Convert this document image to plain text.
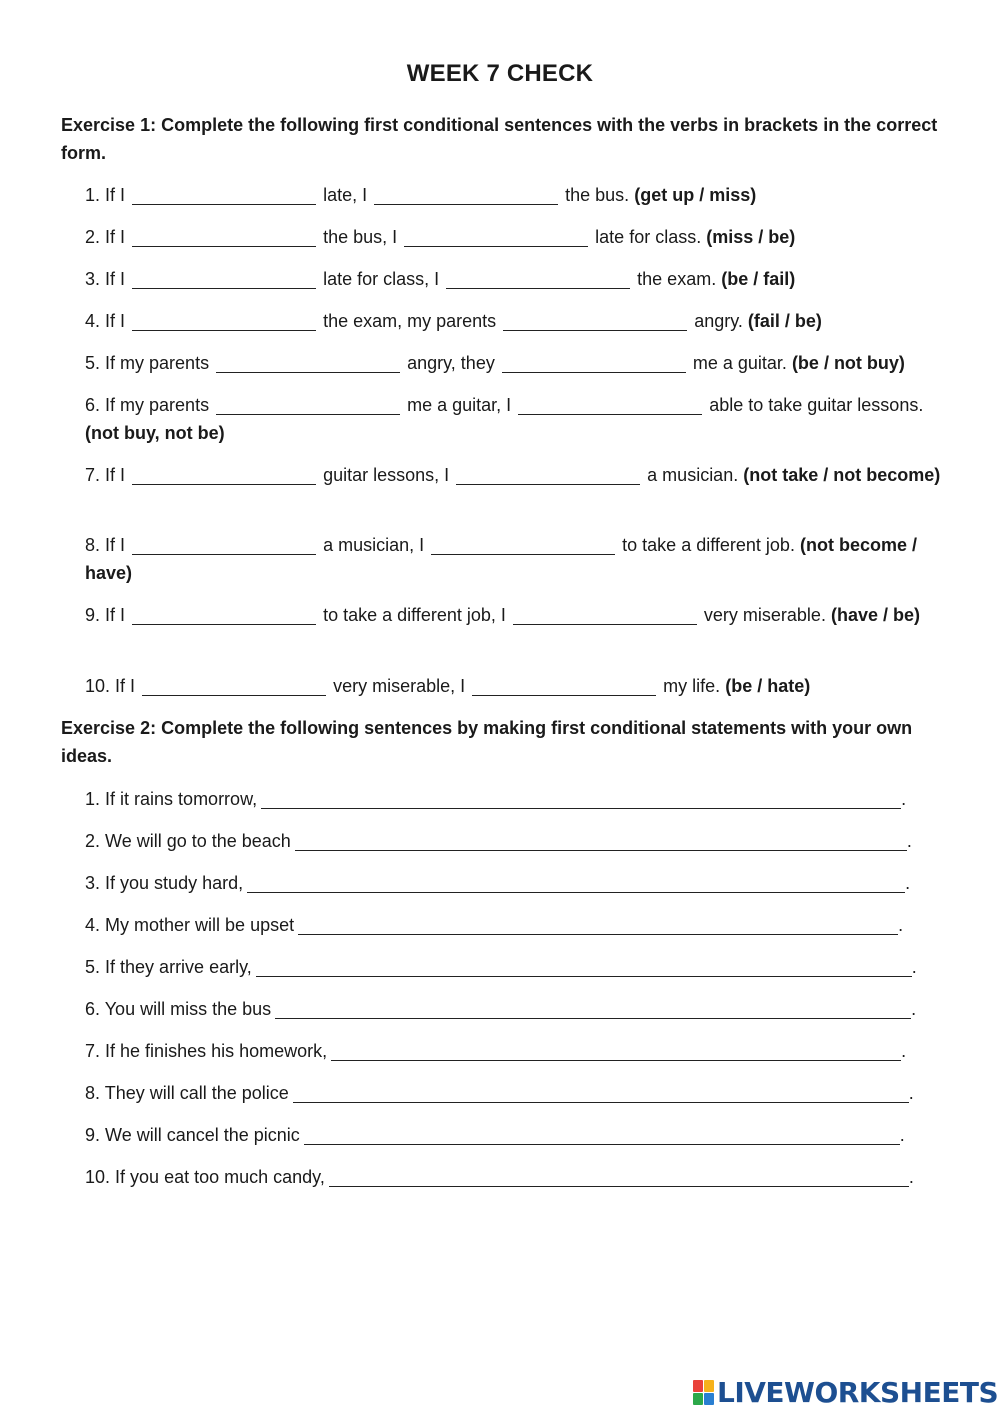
WEEK 7 CHECK
Exercise 1: Complete the following first conditional sentences with the verbs in brackets in the correct form.
1. If I	late, I	the bus. (get up / miss)
2. If I	the bus, I	late for class. (miss / be)
3. If I	late for class, I	the exam. (be / fail)
4. If I	the exam, my parents	angry. (fail / be)
5. If my parents	angry, they	me a guitar. (be / not buy)
6. If my parents	me a guitar, I	able to take guitar lessons. (not buy, not be)
7. If I	guitar lessons, I	a musician. (not take / not become)
8. If I	a musician, I	to take a different job. (not become / have)
9. If I	to take a different job, I	very miserable. (have / be)
10. If I	very miserable, I	my life. (be / hate)
Exercise 2: Complete the following sentences by making first conditional statements with your own ideas.
1. If it rains tomorrow,	.
2. We will go to the beach	.
3. If you study hard,	.
4. My mother will be upset	.
5. If they arrive early,	.
6. You will miss the bus	.
7. If he finishes his homework,	.
8. They will call the police	.
9. We will cancel the picnic	.
10. If you eat too much candy,	.
LIVEWORKSHEETS
